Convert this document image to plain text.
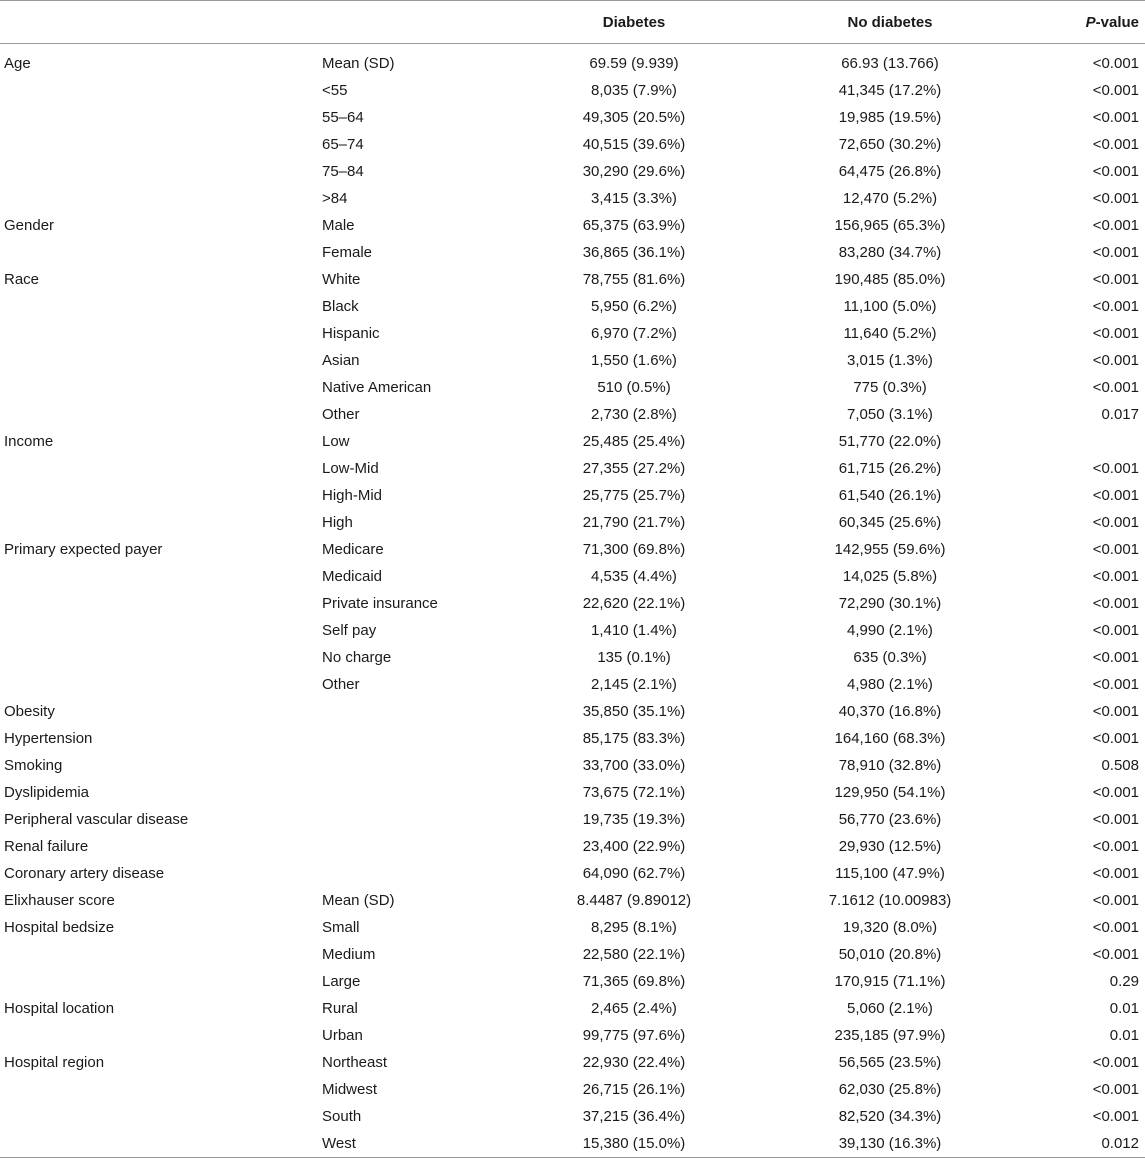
		Diabetes	No diabetes	P-value
Age	Mean (SD)	69.59 (9.939)	66.93 (13.766)	<0.001
	<55	8,035 (7.9%)	41,345 (17.2%)	<0.001
	55–64	49,305 (20.5%)	19,985 (19.5%)	<0.001
	65–74	40,515 (39.6%)	72,650 (30.2%)	<0.001
	75–84	30,290 (29.6%)	64,475 (26.8%)	<0.001
	>84	3,415 (3.3%)	12,470 (5.2%)	<0.001
Gender	Male	65,375 (63.9%)	156,965 (65.3%)	<0.001
	Female	36,865 (36.1%)	83,280 (34.7%)	<0.001
Race	White	78,755 (81.6%)	190,485 (85.0%)	<0.001
	Black	5,950 (6.2%)	11,100 (5.0%)	<0.001
	Hispanic	6,970 (7.2%)	11,640 (5.2%)	<0.001
	Asian	1,550 (1.6%)	3,015 (1.3%)	<0.001
	Native American	510 (0.5%)	775 (0.3%)	<0.001
	Other	2,730 (2.8%)	7,050 (3.1%)	0.017
Income	Low	25,485 (25.4%)	51,770 (22.0%)	
	Low-Mid	27,355 (27.2%)	61,715 (26.2%)	<0.001
	High-Mid	25,775 (25.7%)	61,540 (26.1%)	<0.001
	High	21,790 (21.7%)	60,345 (25.6%)	<0.001
Primary expected payer	Medicare	71,300 (69.8%)	142,955 (59.6%)	<0.001
	Medicaid	4,535 (4.4%)	14,025 (5.8%)	<0.001
	Private insurance	22,620 (22.1%)	72,290 (30.1%)	<0.001
	Self pay	1,410 (1.4%)	4,990 (2.1%)	<0.001
	No charge	135 (0.1%)	635 (0.3%)	<0.001
	Other	2,145 (2.1%)	4,980 (2.1%)	<0.001
Obesity		35,850 (35.1%)	40,370 (16.8%)	<0.001
Hypertension		85,175 (83.3%)	164,160 (68.3%)	<0.001
Smoking		33,700 (33.0%)	78,910 (32.8%)	0.508
Dyslipidemia		73,675 (72.1%)	129,950 (54.1%)	<0.001
Peripheral vascular disease		19,735 (19.3%)	56,770 (23.6%)	<0.001
Renal failure		23,400 (22.9%)	29,930 (12.5%)	<0.001
Coronary artery disease		64,090 (62.7%)	115,100 (47.9%)	<0.001
Elixhauser score	Mean (SD)	8.4487 (9.89012)	7.1612 (10.00983)	<0.001
Hospital bedsize	Small	8,295 (8.1%)	19,320 (8.0%)	<0.001
	Medium	22,580 (22.1%)	50,010 (20.8%)	<0.001
	Large	71,365 (69.8%)	170,915 (71.1%)	0.29
Hospital location	Rural	2,465 (2.4%)	5,060 (2.1%)	0.01
	Urban	99,775 (97.6%)	235,185 (97.9%)	0.01
Hospital region	Northeast	22,930 (22.4%)	56,565 (23.5%)	<0.001
	Midwest	26,715 (26.1%)	62,030 (25.8%)	<0.001
	South	37,215 (36.4%)	82,520 (34.3%)	<0.001
	West	15,380 (15.0%)	39,130 (16.3%)	0.012
